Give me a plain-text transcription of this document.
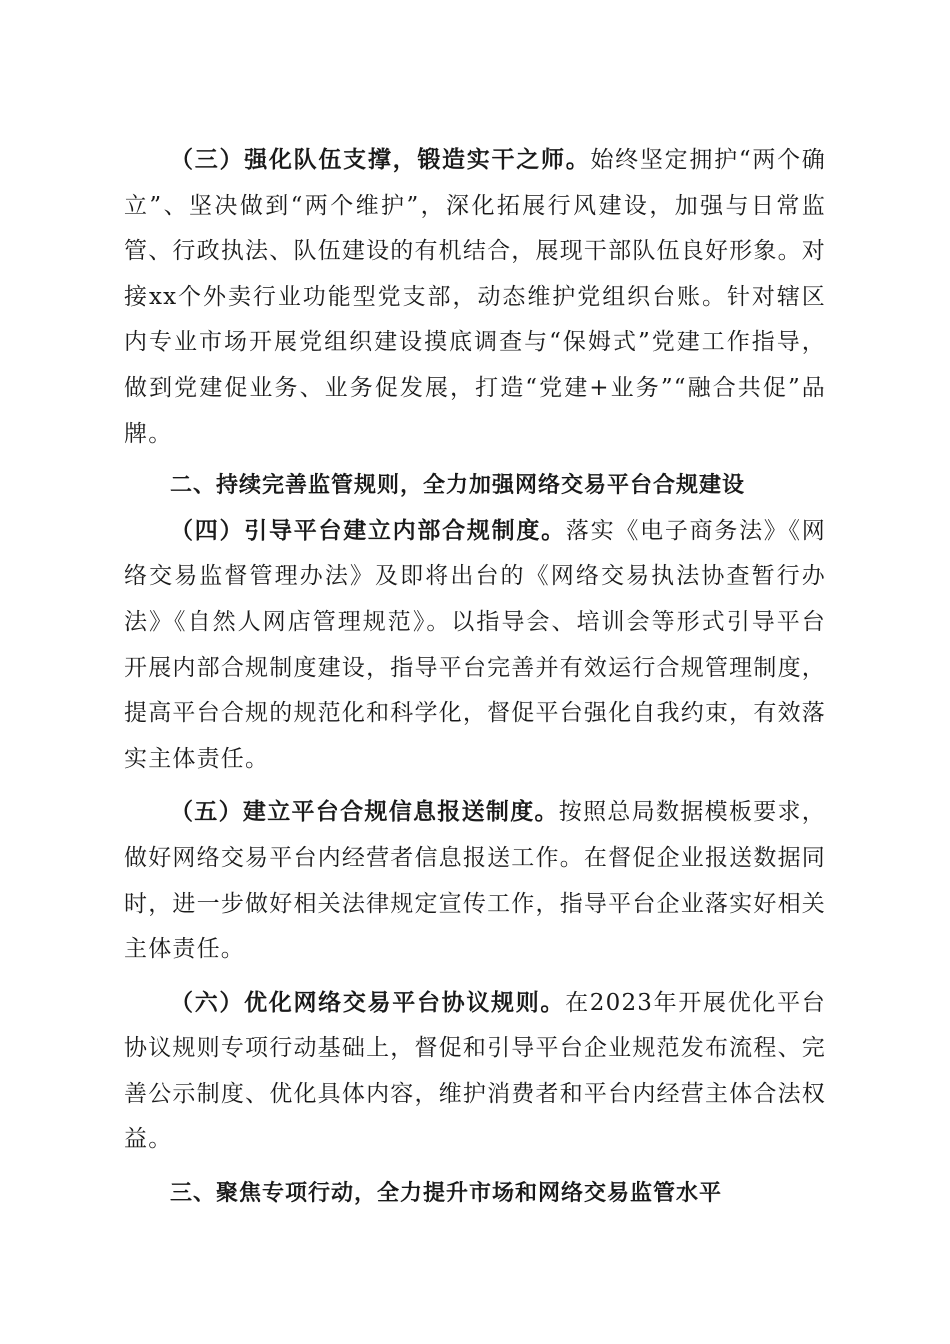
（三）强化队伍支撑，锻造实干之师。始终坚定拥护“两个确立”、坚决做到“两个维护”，深化拓展行风建设，加强与日常监管、行政执法、队伍建设的有机结合，展现干部队伍良好形象。对接xx个外卖行业功能型党支部，动态维护党组织台账。针对辖区内专业市场开展党组织建设摸底调查与“保姆式”党建工作指导，做到党建促业务、业务促发展，打造“党建+业务”“融合共促”品牌。

二、持续完善监管规则，全力加强网络交易平台合规建设

（四）引导平台建立内部合规制度。落实《电子商务法》《网络交易监督管理办法》及即将出台的《网络交易执法协查暂行办法》《自然人网店管理规范》。以指导会、培训会等形式引导平台开展内部合规制度建设，指导平台完善并有效运行合规管理制度，提高平台合规的规范化和科学化，督促平台强化自我约束，有效落实主体责任。

（五）建立平台合规信息报送制度。按照总局数据模板要求，做好网络交易平台内经营者信息报送工作。在督促企业报送数据同时，进一步做好相关法律规定宣传工作，指导平台企业落实好相关主体责任。

（六）优化网络交易平台协议规则。在2023年开展优化平台协议规则专项行动基础上，督促和引导平台企业规范发布流程、完善公示制度、优化具体内容，维护消费者和平台内经营主体合法权益。

三、聚焦专项行动，全力提升市场和网络交易监管水平
